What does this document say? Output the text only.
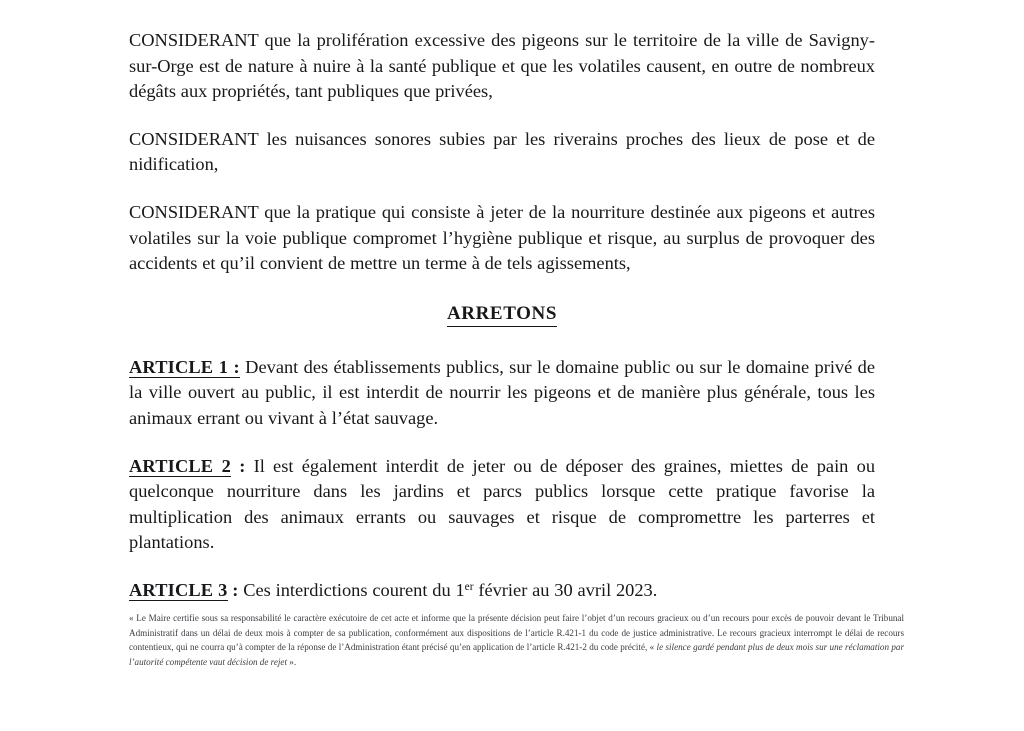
CONSIDERANT que la prolifération excessive des pigeons sur le territoire de la ville de Savigny-sur-Orge est de nature à nuire à la santé publique et que les volatiles causent, en outre de nombreux dégâts aux propriétés, tant publiques que privées,

CONSIDERANT les nuisances sonores subies par les riverains proches des lieux de pose et de nidification,

CONSIDERANT que la pratique qui consiste à jeter de la nourriture destinée aux pigeons et autres volatiles sur la voie publique compromet l’hygiène publique et risque, au surplus de provoquer des accidents et qu’il convient de mettre un terme à de tels agissements,

ARRETONS

ARTICLE 1 : Devant des établissements publics, sur le domaine public ou sur le domaine privé de la ville ouvert au public, il est interdit de nourrir les pigeons et de manière plus générale, tous les animaux errant ou vivant à l’état sauvage.

ARTICLE 2 : Il est également interdit de jeter ou de déposer des graines, miettes de pain ou quelconque nourriture dans les jardins et parcs publics lorsque cette pratique favorise la multiplication des animaux errants ou sauvages et risque de compromettre les parterres et plantations.

ARTICLE 3 : Ces interdictions courent du 1er février au 30 avril 2023.

« Le Maire certifie sous sa responsabilité le caractère exécutoire de cet acte et informe que la présente décision peut faire l’objet d’un recours gracieux ou d’un recours pour excès de pouvoir devant le Tribunal Administratif dans un délai de deux mois à compter de sa publication, conformément aux dispositions de l’article R.421-1 du code de justice administrative. Le recours gracieux interrompt le délai de recours contentieux, qui ne courra qu’à compter de la réponse de l’Administration étant précisé qu’en application de l’article R.421-2 du code précité, « le silence gardé pendant plus de deux mois sur une réclamation par l’autorité compétente vaut décision de rejet ».
